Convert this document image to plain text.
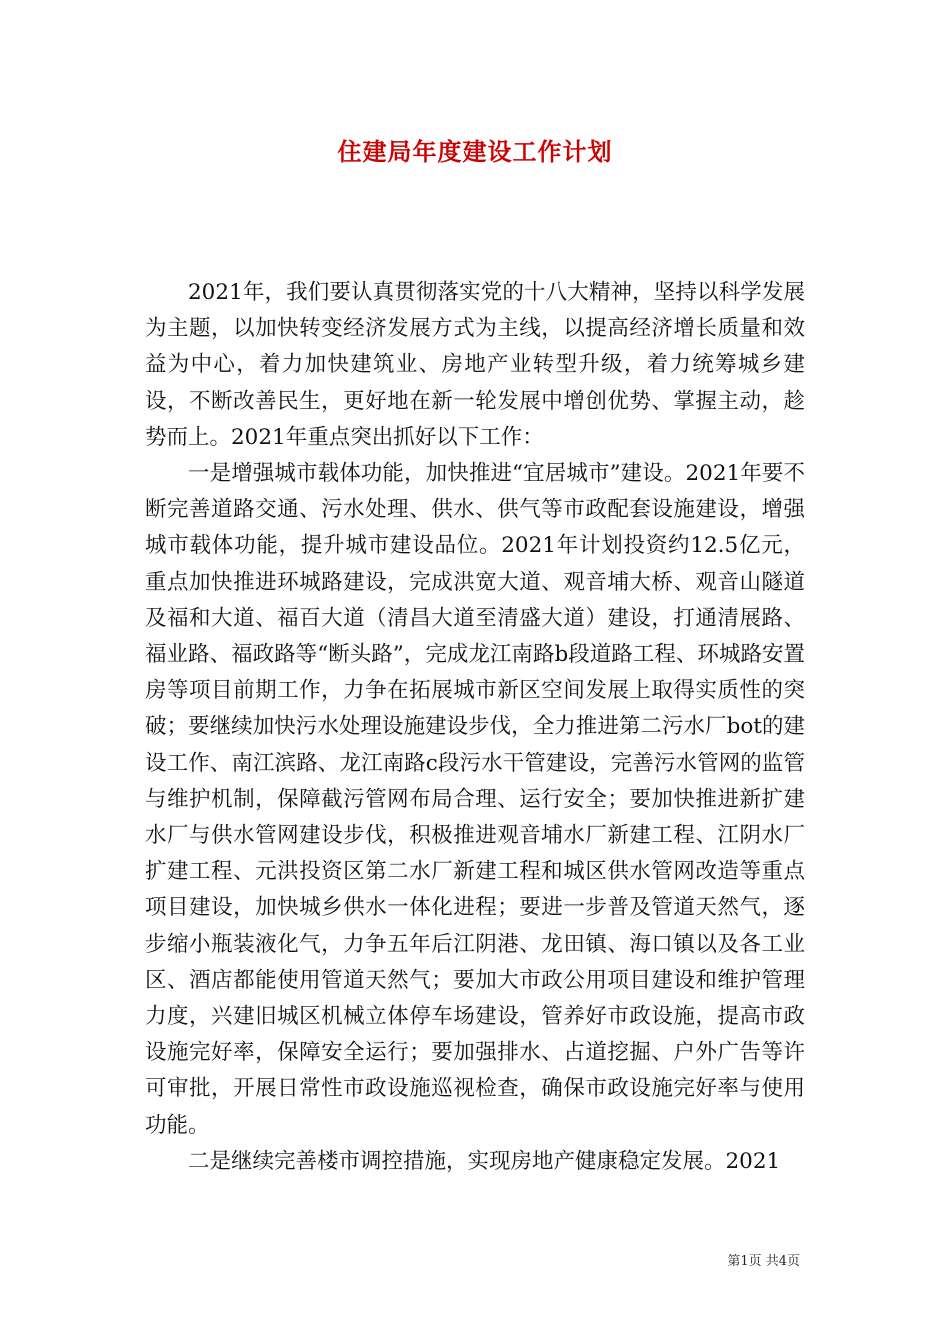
住建局年度建设工作计划

2021年，我们要认真贯彻落实党的十八大精神，坚持以科学发展为主题，以加快转变经济发展方式为主线，以提高经济增长质量和效益为中心，着力加快建筑业、房地产业转型升级，着力统筹城乡建设，不断改善民生，更好地在新一轮发展中增创优势、掌握主动，趁势而上。2021年重点突出抓好以下工作：

一是增强城市载体功能，加快推进“宜居城市”建设。2021年要不断完善道路交通、污水处理、供水、供气等市政配套设施建设，增强城市载体功能，提升城市建设品位。2021年计划投资约12.5亿元，重点加快推进环城路建设，完成洪宽大道、观音埔大桥、观音山隧道及福和大道、福百大道（清昌大道至清盛大道）建设，打通清展路、福业路、福政路等“断头路”，完成龙江南路b段道路工程、环城路安置房等项目前期工作，力争在拓展城市新区空间发展上取得实质性的突破；要继续加快污水处理设施建设步伐，全力推进第二污水厂bot的建设工作、南江滨路、龙江南路c段污水干管建设，完善污水管网的监管与维护机制，保障截污管网布局合理、运行安全；要加快推进新扩建水厂与供水管网建设步伐，积极推进观音埔水厂新建工程、江阴水厂扩建工程、元洪投资区第二水厂新建工程和城区供水管网改造等重点项目建设，加快城乡供水一体化进程；要进一步普及管道天然气，逐步缩小瓶装液化气，力争五年后江阴港、龙田镇、海口镇以及各工业区、酒店都能使用管道天然气；要加大市政公用项目建设和维护管理力度，兴建旧城区机械立体停车场建设，管养好市政设施，提高市政设施完好率，保障安全运行；要加强排水、占道挖掘、户外广告等许可审批，开展日常性市政设施巡视检查，确保市政设施完好率与使用功能。

二是继续完善楼市调控措施，实现房地产健康稳定发展。2021

第1页 共4页
